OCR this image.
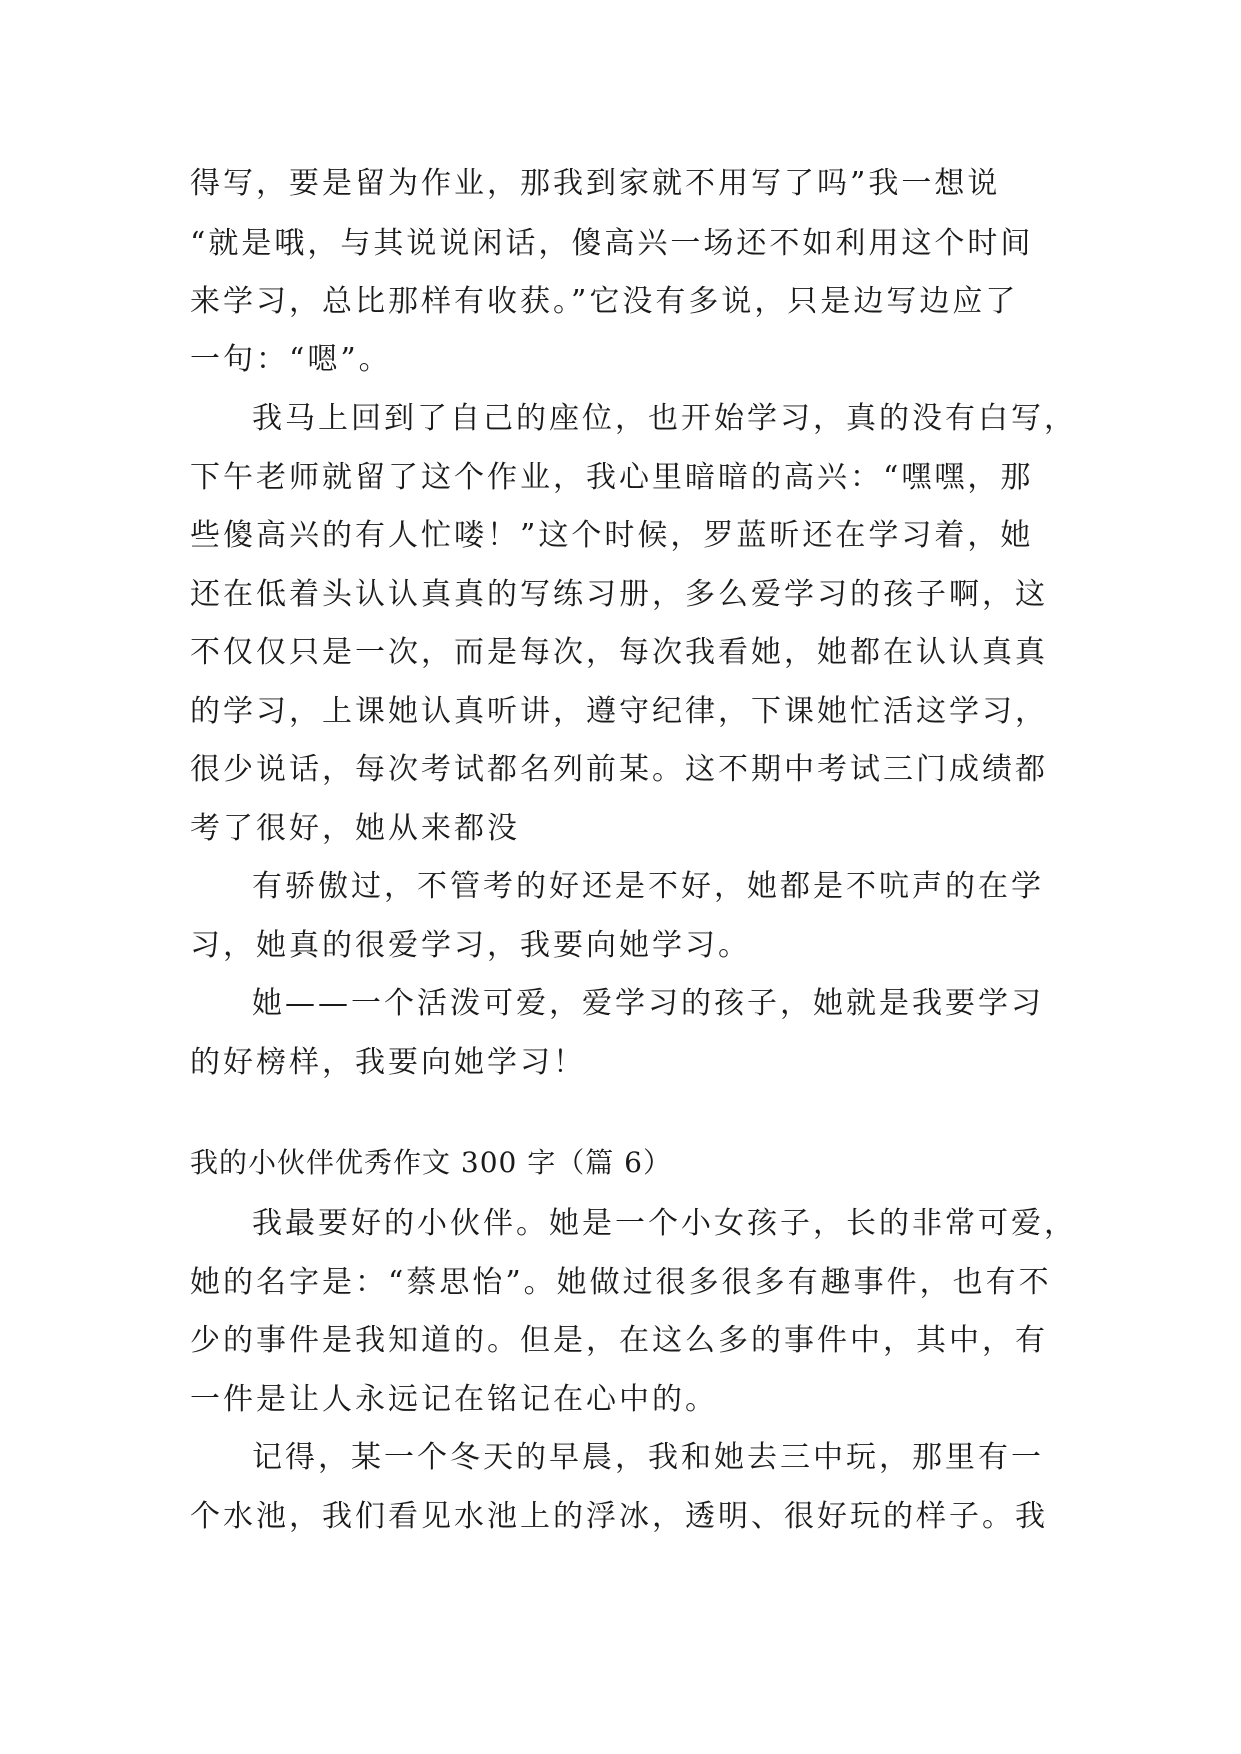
得写，要是留为作业，那我到家就不用写了吗”我一想说
“就是哦，与其说说闲话，傻高兴一场还不如利用这个时间
来学习，总比那样有收获。”它没有多说，只是边写边应了
一句：“嗯”。
我马上回到了自己的座位，也开始学习，真的没有白写，
下午老师就留了这个作业，我心里暗暗的高兴：“嘿嘿，那
些傻高兴的有人忙喽！”这个时候，罗蓝昕还在学习着，她
还在低着头认认真真的写练习册，多么爱学习的孩子啊，这
不仅仅只是一次，而是每次，每次我看她，她都在认认真真
的学习，上课她认真听讲，遵守纪律，下课她忙活这学习，
很少说话，每次考试都名列前某。这不期中考试三门成绩都
考了很好，她从来都没
有骄傲过，不管考的好还是不好，她都是不吭声的在学
习，她真的很爱学习，我要向她学习。
她——一个活泼可爱，爱学习的孩子，她就是我要学习
的好榜样，我要向她学习！
我的小伙伴优秀作文 300 字（篇 6）
我最要好的小伙伴。她是一个小女孩子，长的非常可爱，
她的名字是：“蔡思怡”。她做过很多很多有趣事件，也有不
少的事件是我知道的。但是，在这么多的事件中，其中，有
一件是让人永远记在铭记在心中的。
记得，某一个冬天的早晨，我和她去三中玩，那里有一
个水池，我们看见水池上的浮冰，透明、很好玩的样子。我
